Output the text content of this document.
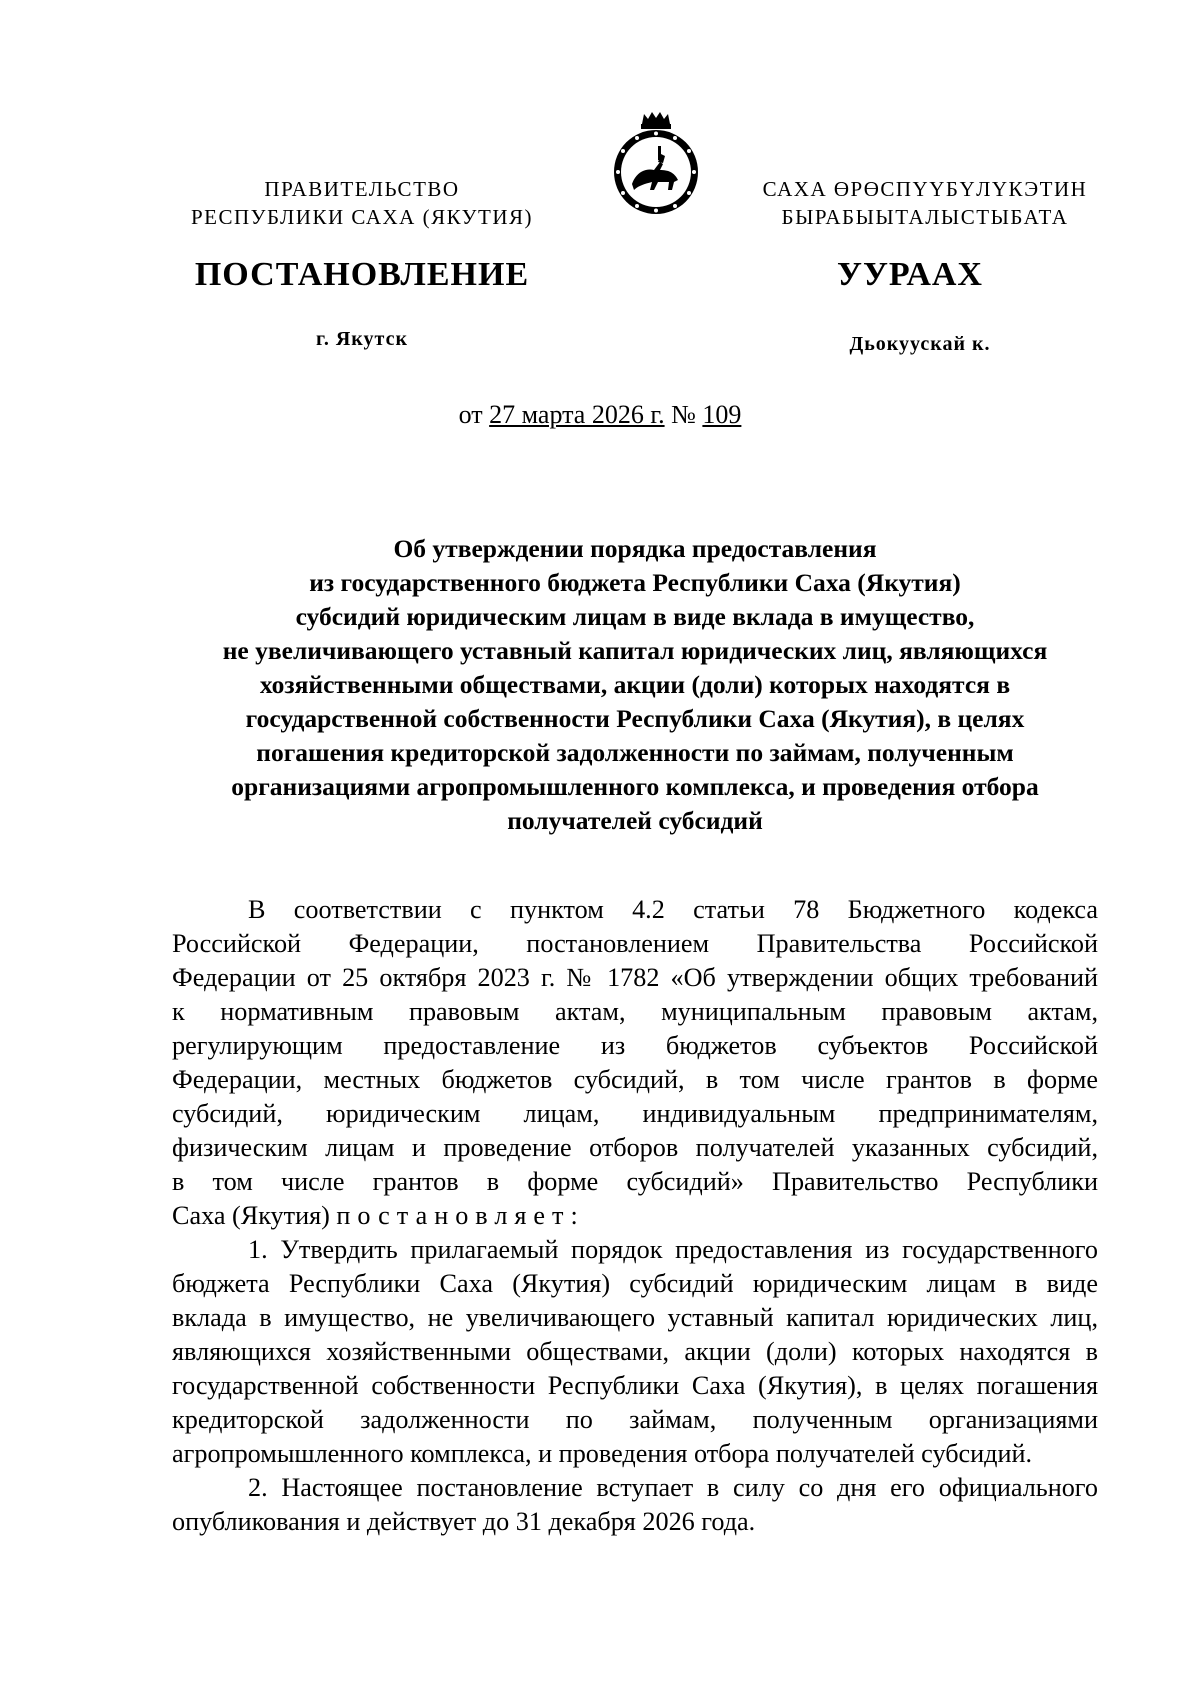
ПРАВИТЕЛЬСТВО
РЕСПУБЛИКИ САХА (ЯКУТИЯ)
САХА ӨРӨСПҮҮБҮЛҮКЭТИН
БЫРАБЫЫТАЛЫСТЫБАТА
ПОСТАНОВЛЕНИЕ	УУРААХ
г. Якутск	Дьокуускай к.
от 27 марта 2026 г. № 109
Об утверждении порядка предоставления
из государственного бюджета Республики Саха (Якутия)
субсидий юридическим лицам в виде вклада в имущество,
не увеличивающего уставный капитал юридических лиц, являющихся
хозяйственными обществами, акции (доли) которых находятся в
государственной собственности Республики Саха (Якутия), в целях
погашения кредиторской задолженности по займам, полученным
организациями агропромышленного комплекса, и проведения отбора
получателей субсидий
В соответствии с пунктом 4.2 статьи 78 Бюджетного кодекса
Российской Федерации, постановлением Правительства Российской
Федерации от 25 октября 2023 г. № 1782 «Об утверждении общих требований
к нормативным правовым актам, муниципальным правовым актам,
регулирующим предоставление из бюджетов субъектов Российской
Федерации, местных бюджетов субсидий, в том числе грантов в форме
субсидий, юридическим лицам, индивидуальным предпринимателям,
физическим лицам и проведение отборов получателей указанных субсидий,
в том числе грантов в форме субсидий» Правительство Республики
Саха (Якутия) постановляет:
1. Утвердить прилагаемый порядок предоставления из государственного
бюджета Республики Саха (Якутия) субсидий юридическим лицам в виде
вклада в имущество, не увеличивающего уставный капитал юридических лиц,
являющихся хозяйственными обществами, акции (доли) которых находятся в
государственной собственности Республики Саха (Якутия), в целях погашения
кредиторской задолженности по займам, полученным организациями
агропромышленного комплекса, и проведения отбора получателей субсидий.
2. Настоящее постановление вступает в силу со дня его официального
опубликования и действует до 31 декабря 2026 года.
